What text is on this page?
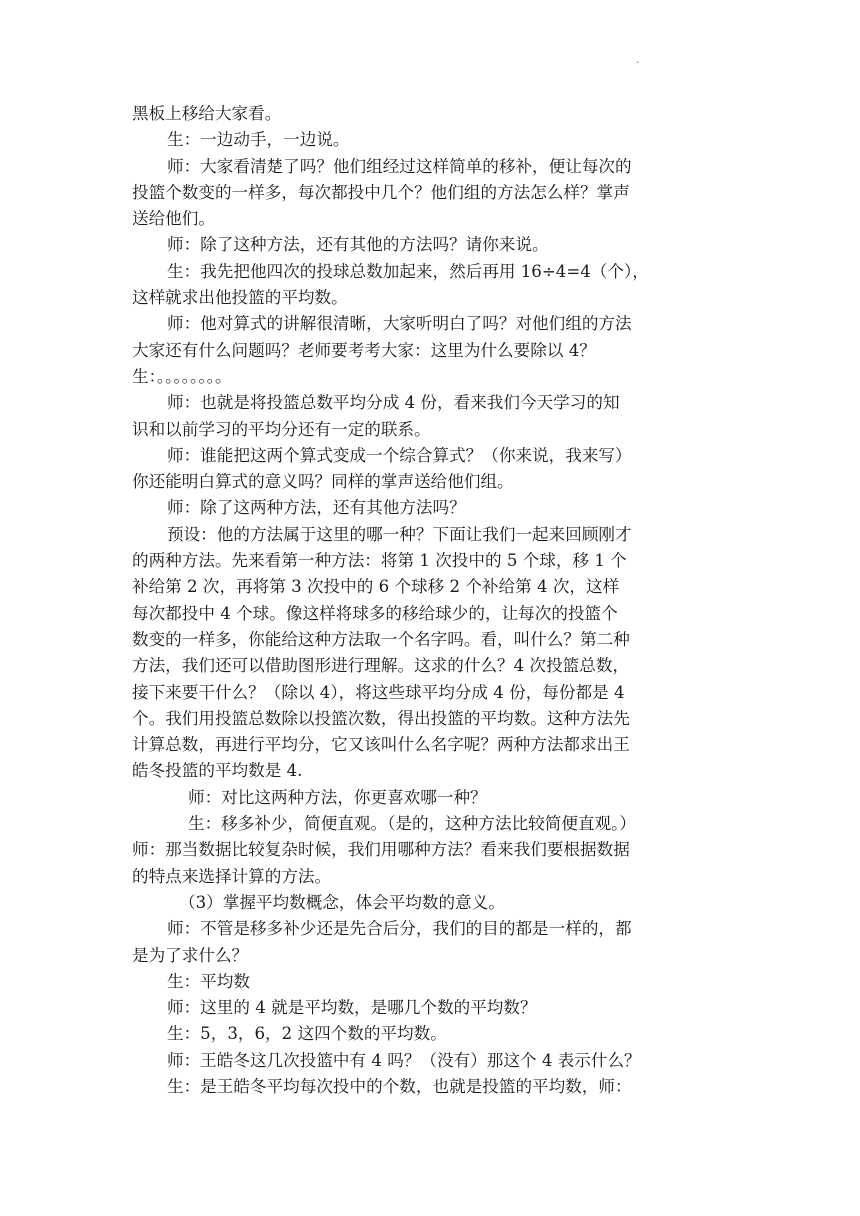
.

黑板上移给大家看。

生：一边动手，一边说。

师：大家看清楚了吗？他们组经过这样简单的移补，便让每次的

投篮个数变的一样多，每次都投中几个？他们组的方法怎么样？掌声

送给他们。

师：除了这种方法，还有其他的方法吗？请你来说。

生：我先把他四次的投球总数加起来，然后再用 16÷4=4（个），

这样就求出他投篮的平均数。

师：他对算式的讲解很清晰，大家听明白了吗？对他们组的方法

大家还有什么问题吗？老师要考考大家：这里为什么要除以 4？

生：。。。。。。。。

师：也就是将投篮总数平均分成 4 份，看来我们今天学习的知

识和以前学习的平均分还有一定的联系。

师：谁能把这两个算式变成一个综合算式？（你来说，我来写）

你还能明白算式的意义吗？同样的掌声送给他们组。

师：除了这两种方法，还有其他方法吗？

预设：他的方法属于这里的哪一种？下面让我们一起来回顾刚才

的两种方法。先来看第一种方法：将第 1 次投中的 5 个球，移 1 个

补给第 2 次，再将第 3 次投中的 6 个球移 2 个补给第 4 次，这样

每次都投中 4 个球。像这样将球多的移给球少的，让每次的投篮个

数变的一样多，你能给这种方法取一个名字吗。看，叫什么？第二种

方法，我们还可以借助图形进行理解。这求的什么？4 次投篮总数，

接下来要干什么？（除以 4），将这些球平均分成 4 份，每份都是 4

个。我们用投篮总数除以投篮次数，得出投篮的平均数。这种方法先

计算总数，再进行平均分，它又该叫什么名字呢？两种方法都求出王

皓冬投篮的平均数是 4.

师：对比这两种方法，你更喜欢哪一种？

生：移多补少，简便直观。（是的，这种方法比较简便直观。）

师：那当数据比较复杂时候，我们用哪种方法？看来我们要根据数据

的特点来选择计算的方法。

（3）掌握平均数概念，体会平均数的意义。

师：不管是移多补少还是先合后分，我们的目的都是一样的，都

是为了求什么？

生：平均数

师：这里的 4 就是平均数，是哪几个数的平均数？

生：5，3，6，2 这四个数的平均数。

师：王皓冬这几次投篮中有 4 吗？（没有）那这个 4 表示什么？

生：是王皓冬平均每次投中的个数，也就是投篮的平均数，师：
